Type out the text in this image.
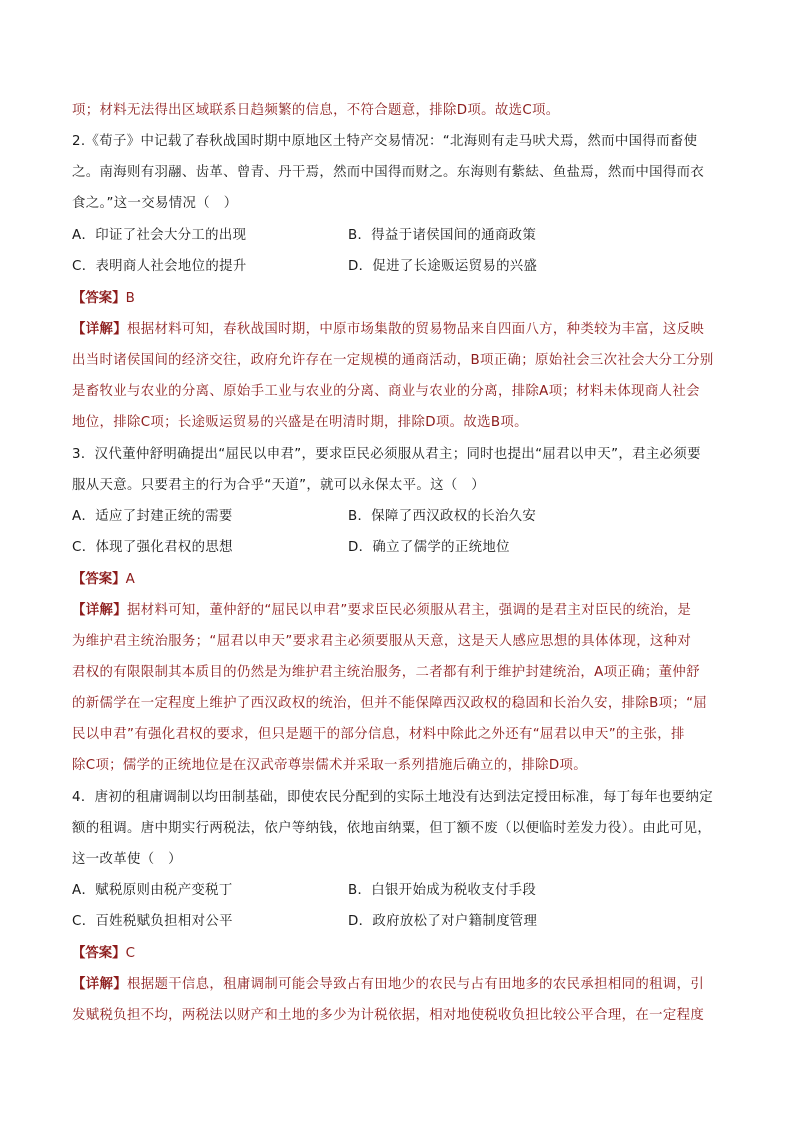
项；材料无法得出区域联系日趋频繁的信息，不符合题意，排除D项。故选C项。
2.《荀子》中记载了春秋战国时期中原地区土特产交易情况：“北海则有走马吠犬焉，然而中国得而畜使
之。南海则有羽翮、齿革、曾青、丹干焉，然而中国得而财之。东海则有紫紶、鱼盐焉，然而中国得而衣
食之。”这一交易情况（　）
A．印证了社会大分工的出现	B．得益于诸侯国间的通商政策
C．表明商人社会地位的提升	D．促进了长途贩运贸易的兴盛
【答案】B
【详解】根据材料可知，春秋战国时期，中原市场集散的贸易物品来自四面八方，种类较为丰富，这反映
出当时诸侯国间的经济交往，政府允许存在一定规模的通商活动，B项正确；原始社会三次社会大分工分别
是畜牧业与农业的分离、原始手工业与农业的分离、商业与农业的分离，排除A项；材料未体现商人社会
地位，排除C项；长途贩运贸易的兴盛是在明清时期，排除D项。故选B项。
3．汉代董仲舒明确提出“屈民以申君”，要求臣民必须服从君主；同时也提出“屈君以申天”，君主必须要
服从天意。只要君主的行为合乎“天道”，就可以永保太平。这（　）
A．适应了封建正统的需要	B．保障了西汉政权的长治久安
C．体现了强化君权的思想	D．确立了儒学的正统地位
【答案】A
【详解】据材料可知，董仲舒的“屈民以申君”要求臣民必须服从君主，强调的是君主对臣民的统治，是
为维护君主统治服务；“屈君以申天”要求君主必须要服从天意，这是天人感应思想的具体体现，这种对
君权的有限限制其本质目的仍然是为维护君主统治服务，二者都有利于维护封建统治，A项正确；董仲舒
的新儒学在一定程度上维护了西汉政权的统治，但并不能保障西汉政权的稳固和长治久安，排除B项；“屈
民以申君”有强化君权的要求，但只是题干的部分信息，材料中除此之外还有“屈君以申天”的主张，排
除C项；儒学的正统地位是在汉武帝尊崇儒术并采取一系列措施后确立的，排除D项。
4．唐初的租庸调制以均田制基础，即使农民分配到的实际土地没有达到法定授田标准，每丁每年也要纳定
额的租调。唐中期实行两税法，依户等纳钱，依地亩纳粟，但丁额不废（以便临时差发力役）。由此可见，
这一改革使（　）
A．赋税原则由税产变税丁	B．白银开始成为税收支付手段
C．百姓税赋负担相对公平	D．政府放松了对户籍制度管理
【答案】C
【详解】根据题干信息，租庸调制可能会导致占有田地少的农民与占有田地多的农民承担相同的租调，引
发赋税负担不均，两税法以财产和土地的多少为计税依据，相对地使税收负担比较公平合理，在一定程度
